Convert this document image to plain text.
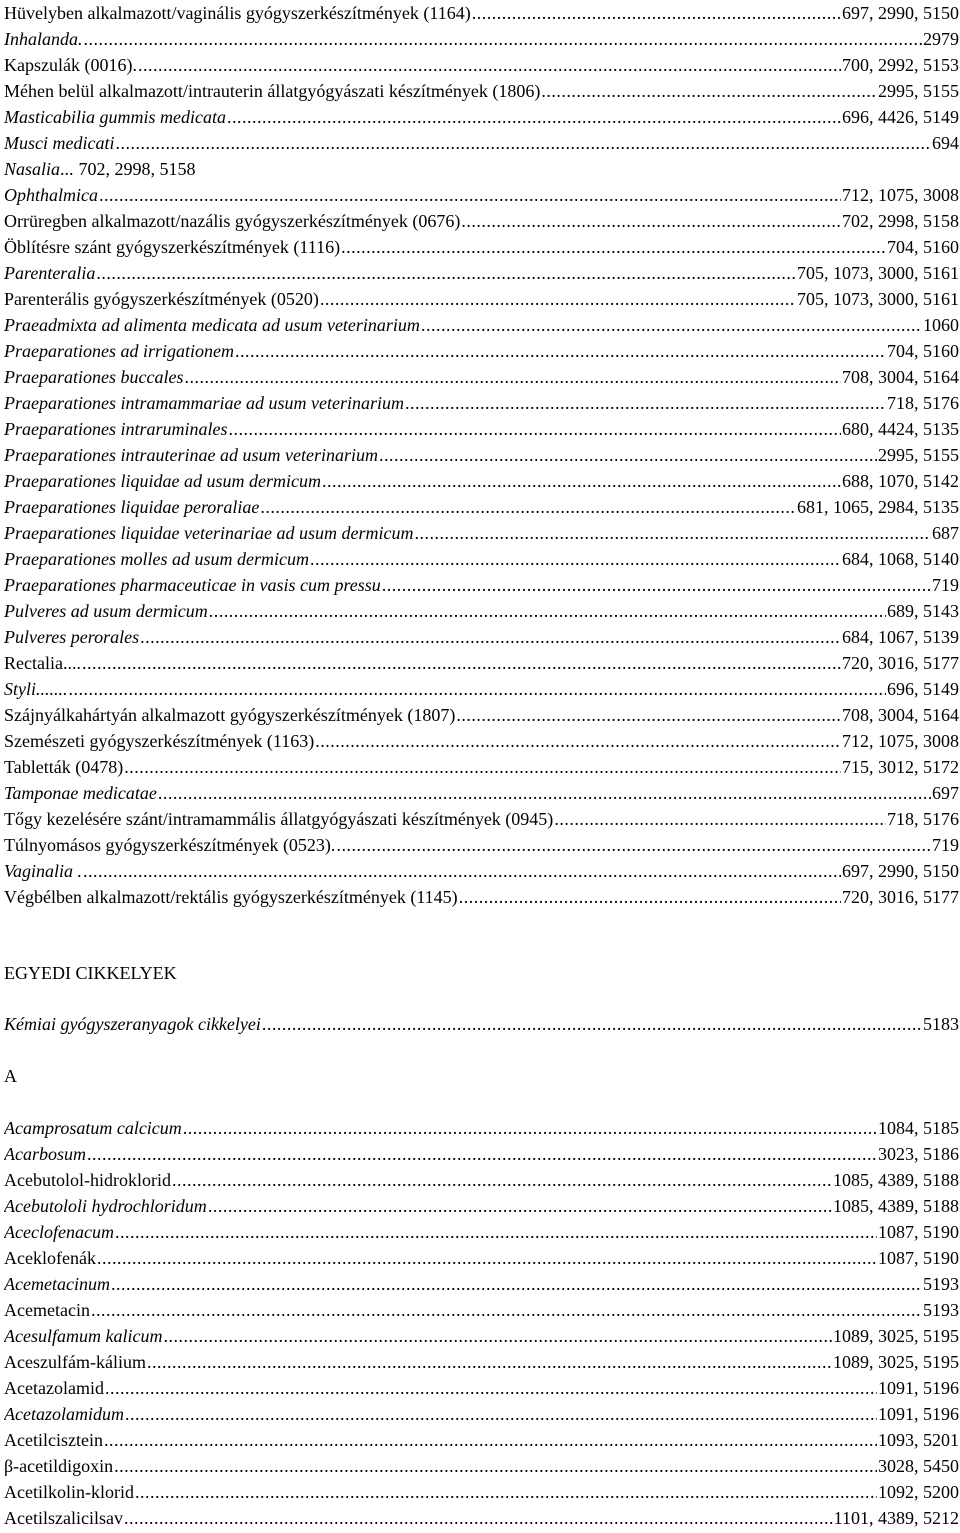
Hüvelyben alkalmazott/vaginális gyógyszerkészítmények (1164) .....	697, 2990, 5150
Inhalanda. .....	2979
Kapszulák (0016). .....	700, 2992, 5153
Méhen belül alkalmazott/intrauterin állatgyógyászati készítmények (1806) .....	2995, 5155
Masticabilia gummis medicata .....	696, 4426, 5149
Musci medicati .....	694
Nasalia ... 702, 2998, 5158
Ophthalmica .....	712, 1075, 3008
Orrüregben alkalmazott/nazális gyógyszerkészítmények (0676) .....	702, 2998, 5158
Öblítésre szánt gyógyszerkészítmények (1116) .....	704, 5160
Parenteralia .....	705, 1073, 3000, 5161
Parenterális gyógyszerkészítmények (0520) .....	705, 1073, 3000, 5161
Praeadmixta ad alimenta medicata ad usum veterinarium .....	1060
Praeparationes ad irrigationem .....	704, 5160
Praeparationes buccales .....	708, 3004, 5164
Praeparationes intramammariae ad usum veterinarium .....	718, 5176
Praeparationes intraruminales .....	680, 4424, 5135
Praeparationes intrauterinae ad usum veterinarium .....	2995, 5155
Praeparationes liquidae ad usum dermicum .....	688, 1070, 5142
Praeparationes liquidae peroraliae .....	681, 1065, 2984, 5135
Praeparationes liquidae veterinariae ad usum dermicum .....	687
Praeparationes molles ad usum dermicum .....	684, 1068, 5140
Praeparationes pharmaceuticae in vasis cum pressu .....	719
Pulveres ad usum dermicum .....	689, 5143
Pulveres perorales .....	684, 1067, 5139
Rectalia.... .....	720, 3016, 5177
Styli....... .....	696, 5149
Szájnyálkahártyán alkalmazott gyógyszerkészítmények (1807) .....	708, 3004, 5164
Szemészeti gyógyszerkészítmények (1163) .....	712, 1075, 3008
Tabletták (0478) .....	715, 3012, 5172
Tamponae medicatae .....	697
Tőgy kezelésére szánt/intramammális állatgyógyászati készítmények (0945) .....	718, 5176
Túlnyomásos gyógyszerkészítmények (0523). .....	719
Vaginalia . .....	697, 2990, 5150
Végbélben alkalmazott/rektális gyógyszerkészítmények (1145) .....	720, 3016, 5177
EGYEDI CIKKELYEK
Kémiai gyógyszeranyagok cikkelyei .....	5183
A
Acamprosatum calcicum .....	1084, 5185
Acarbosum .....	3023, 5186
Acebutolol-hidroklorid .....	1085, 4389, 5188
Acebutololi hydrochloridum .....	1085, 4389, 5188
Aceclofenacum .....	1087, 5190
Aceklofenák .....	1087, 5190
Acemetacinum .....	5193
Acemetacin .....	5193
Acesulfamum kalicum .....	1089, 3025, 5195
Aceszulfám-kálium .....	1089, 3025, 5195
Acetazolamid .....	1091, 5196
Acetazolamidum .....	1091, 5196
Acetilcisztein .....	1093, 5201
β-acetildigoxin .....	3028, 5450
Acetilkolin-klorid .....	1092, 5200
Acetilszalicilsav .....	1101, 4389, 5212
